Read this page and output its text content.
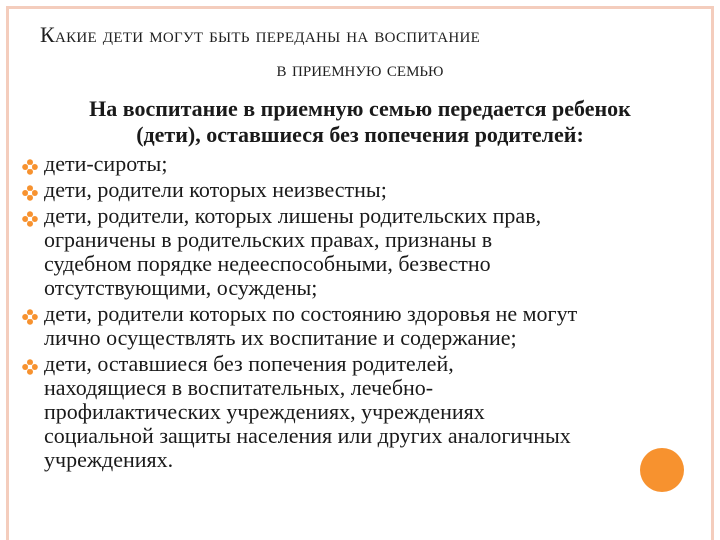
Какие дети могут быть переданы на воспитание
в приемную семью
На воспитание в приемную семью передается ребенок
(дети), оставшиеся без попечения родителей:
дети-сироты;
дети, родители которых неизвестны;
дети, родители, которых лишены родительских прав,
ограничены в родительских правах, признаны в
судебном порядке недееспособными, безвестно
отсутствующими, осуждены;
дети, родители которых по состоянию здоровья не могут
лично осуществлять их воспитание и содержание;
дети, оставшиеся без попечения родителей,
находящиеся в воспитательных, лечебно-
профилактических учреждениях, учреждениях
социальной защиты населения или других аналогичных
учреждениях.
